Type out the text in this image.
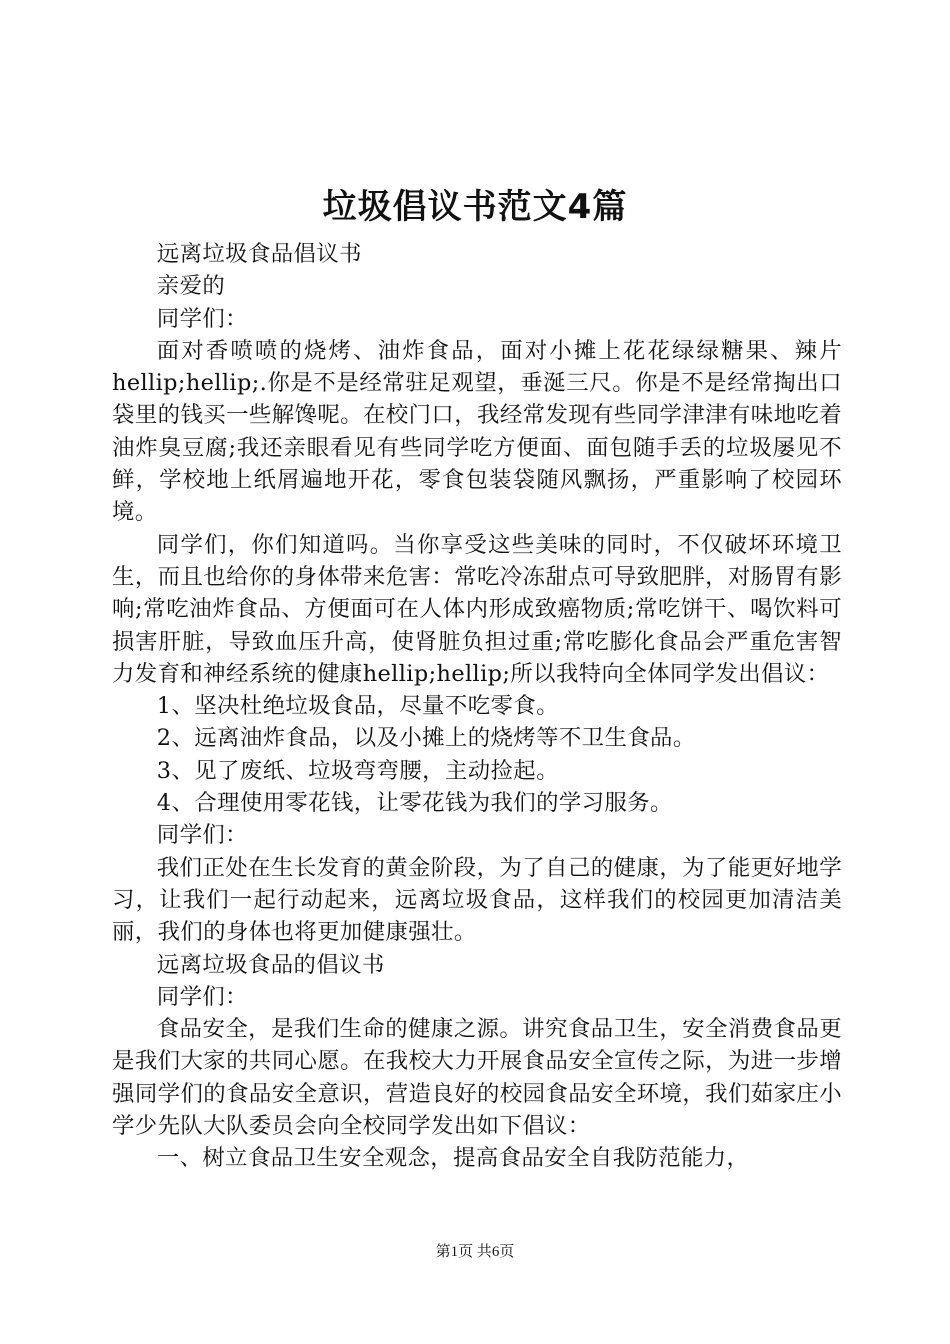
垃圾倡议书范文4篇

远离垃圾食品倡议书

亲爱的

同学们：

面对香喷喷的烧烤、油炸食品，面对小摊上花花绿绿糖果、辣片hellip;hellip;.你是不是经常驻足观望，垂涎三尺。你是不是经常掏出口袋里的钱买一些解馋呢。在校门口，我经常发现有些同学津津有味地吃着油炸臭豆腐;我还亲眼看见有些同学吃方便面、面包随手丢的垃圾屡见不鲜，学校地上纸屑遍地开花，零食包装袋随风飘扬，严重影响了校园环境。

同学们，你们知道吗。当你享受这些美味的同时，不仅破坏环境卫生，而且也给你的身体带来危害：常吃冷冻甜点可导致肥胖，对肠胃有影响;常吃油炸食品、方便面可在人体内形成致癌物质;常吃饼干、喝饮料可损害肝脏，导致血压升高，使肾脏负担过重;常吃膨化食品会严重危害智力发育和神经系统的健康hellip;hellip;所以我特向全体同学发出倡议：

1、坚决杜绝垃圾食品，尽量不吃零食。

2、远离油炸食品，以及小摊上的烧烤等不卫生食品。

3、见了废纸、垃圾弯弯腰，主动捡起。

4、合理使用零花钱，让零花钱为我们的学习服务。

同学们：

我们正处在生长发育的黄金阶段，为了自己的健康，为了能更好地学习，让我们一起行动起来，远离垃圾食品，这样我们的校园更加清洁美丽，我们的身体也将更加健康强壮。

远离垃圾食品的倡议书

同学们：

食品安全，是我们生命的健康之源。讲究食品卫生，安全消费食品更是我们大家的共同心愿。在我校大力开展食品安全宣传之际，为进一步增强同学们的食品安全意识，营造良好的校园食品安全环境，我们茹家庄小学少先队大队委员会向全校同学发出如下倡议：

一、树立食品卫生安全观念，提高食品安全自我防范能力，

第1页 共6页
